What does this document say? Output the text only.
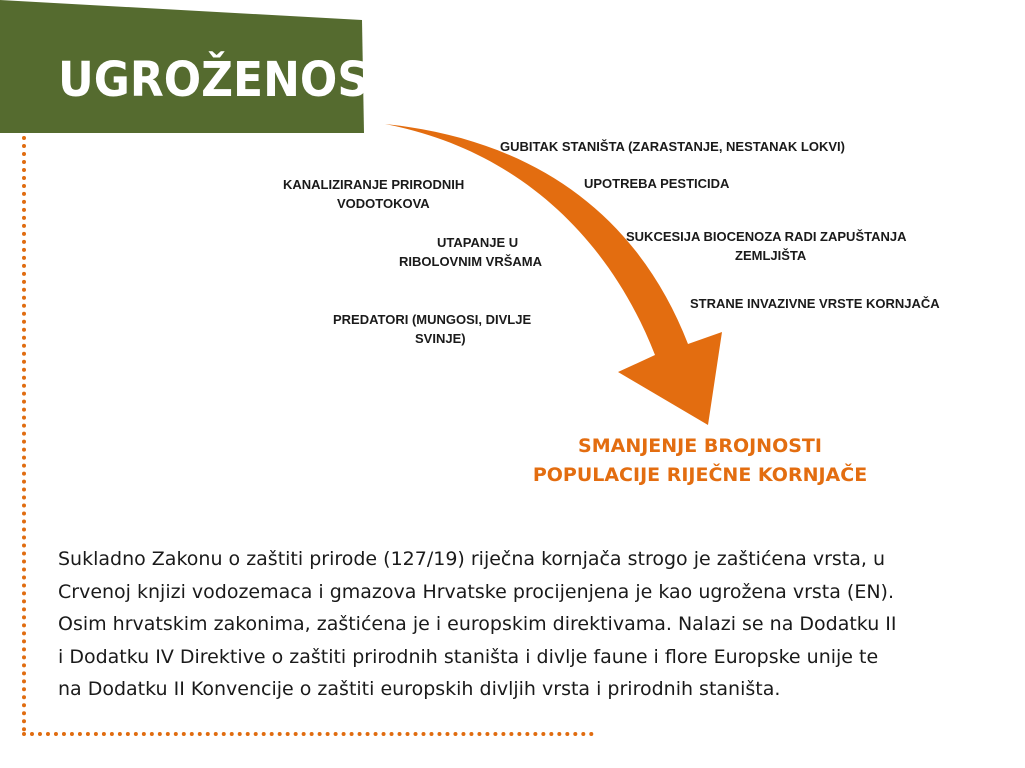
UGROŽENOST
KANALIZIRANJE PRIRODNIH
VODOTOKOVA
UTAPANJE U
RIBOLOVNIM VRŠAMA
PREDATORI (MUNGOSI, DIVLJE
SVINJE)
GUBITAK STANIŠTA (ZARASTANJE, NESTANAK LOKVI)
UPOTREBA PESTICIDA
SUKCESIJA BIOCENOZA RADI ZAPUŠTANJA
ZEMLJIŠTA
STRANE INVAZIVNE VRSTE KORNJAČA
SMANJENJE BROJNOSTI
POPULACIJE RIJEČNE KORNJAČE
Sukladno Zakonu o zaštiti prirode (127/19) riječna kornjača strogo je zaštićena vrsta, u
Crvenoj knjizi vodozemaca i gmazova Hrvatske procijenjena je kao ugrožena vrsta (EN).
Osim hrvatskim zakonima, zaštićena je i europskim direktivama. Nalazi se na Dodatku II
i Dodatku IV Direktive o zaštiti prirodnih staništa i divlje faune i flore Europske unije te
na Dodatku II Konvencije o zaštiti europskih divljih vrsta i prirodnih staništa.
